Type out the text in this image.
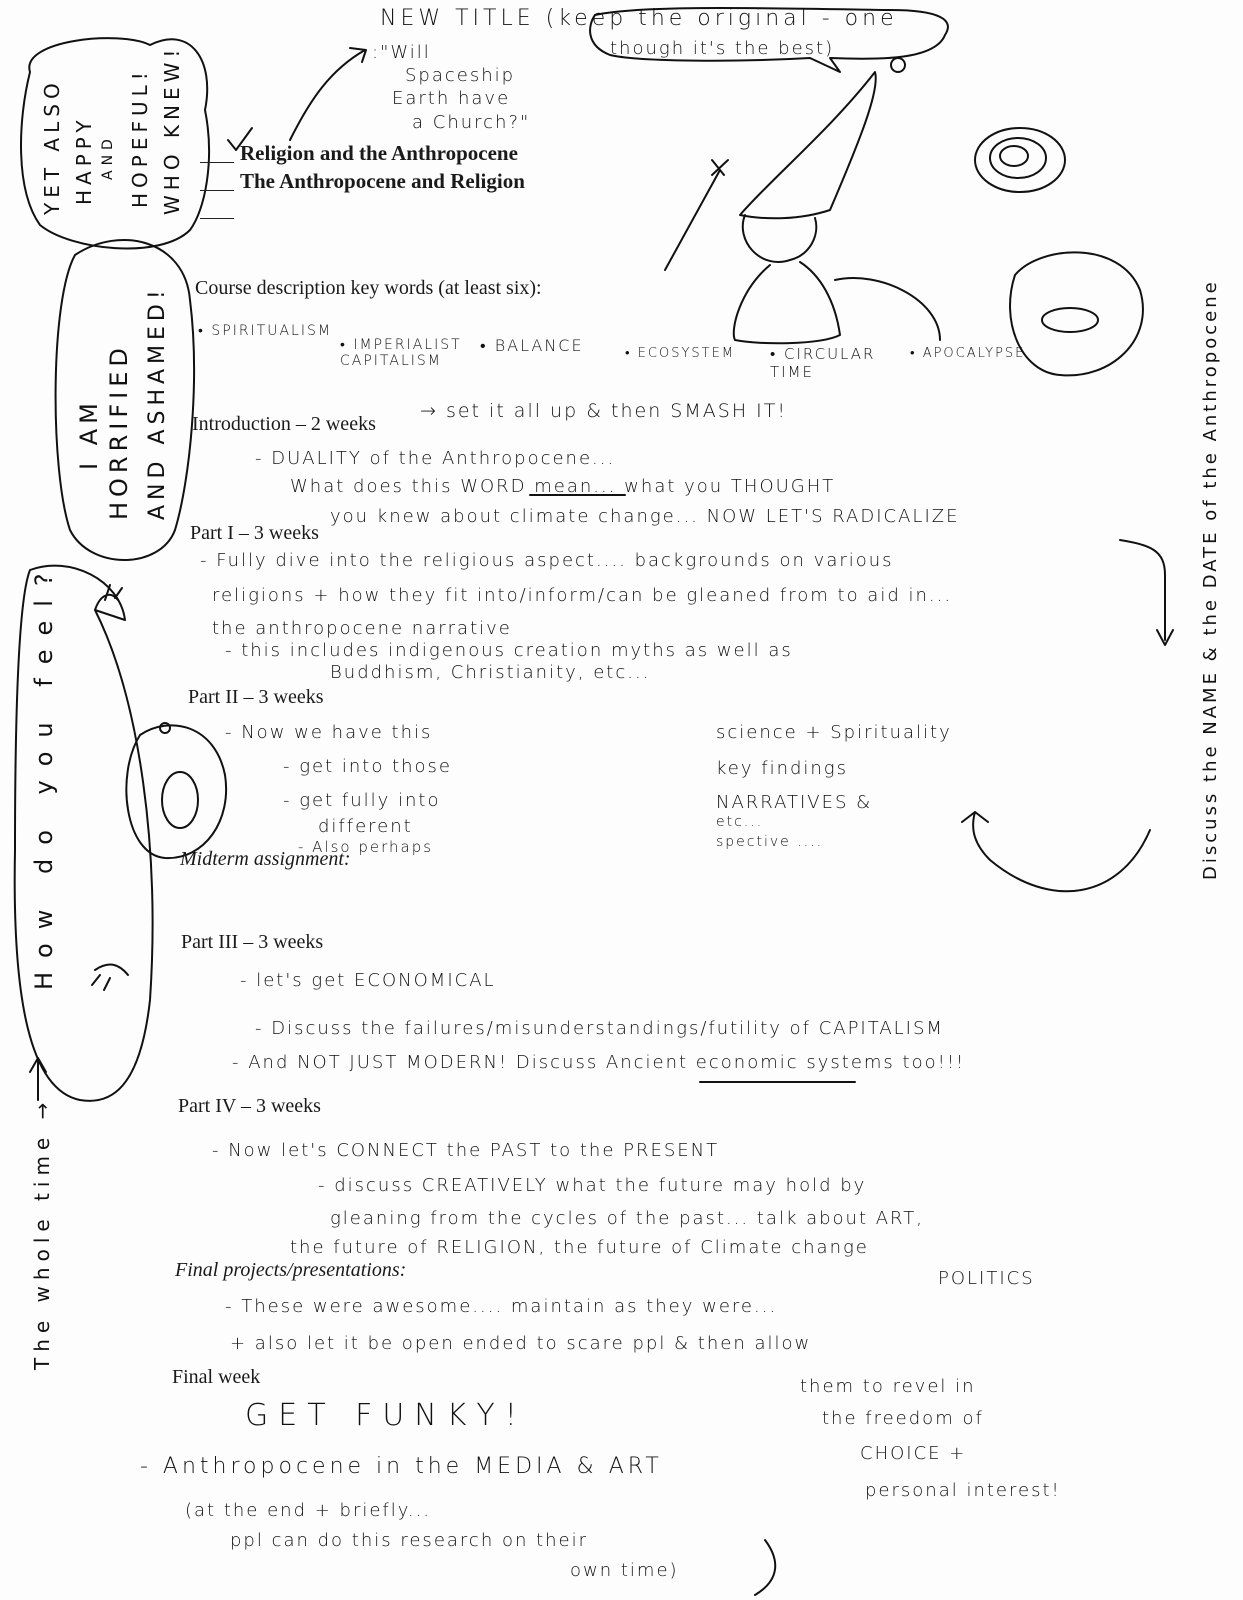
NEW TITLE (keep the original - one
though it's the best)
:"Will
Spaceship
Earth have
a Church?"
Religion and the Anthropocene
The Anthropocene and Religion
YET ALSO HAPPY AND HOPEFUL! WHO KNEW!
I AM HORRIFIED AND ASHAMED!
How do you feel?
The whole time →
Course description key words (at least six):
• SPIRITUALISM
• IMPERIALIST CAPITALISM
• BALANCE	• ECOSYSTEM • CIRCULAR TIME
• APOCALYPSE
Introduction – 2 weeks
→ set it all up & then SMASH IT!
- DUALITY of the Anthropocene...
What does this WORD mean... what you THOUGHT
you knew about climate change... NOW LET'S RADICALIZE
Part I – 3 weeks
- Fully dive into the religious aspect.... backgrounds on various
religions + how they fit into/inform/can be gleaned from to aid in...
the anthropocene narrative
- this includes indigenous creation myths as well as
Buddhism, Christianity, etc...
Part II – 3 weeks
- Now we have this
- get into those
- get fully into
different
- Also perhaps
science + Spirituality
key findings
NARRATIVES &
etc...
spective ....
Midterm assignment:	Discuss the NAME & the DATE of the Anthropocene
Part III – 3 weeks
- let's get ECONOMICAL
- Discuss the failures/misunderstandings/futility of CAPITALISM
- And NOT JUST MODERN! Discuss Ancient economic systems too!!!
Part IV – 3 weeks
- Now let's CONNECT the PAST to the PRESENT
- discuss CREATIVELY what the future may hold by
gleaning from the cycles of the past... talk about ART,
the future of RELIGION, the future of Climate change
POLITICS
Final projects/presentations:
- These were awesome.... maintain as they were...
+ also let it be open ended to scare ppl & then allow
them to revel in
the freedom of
CHOICE +
personal interest!
Final week
GET FUNKY!
- Anthropocene in the MEDIA & ART
(at the end + briefly...
ppl can do this research on their
own time)
